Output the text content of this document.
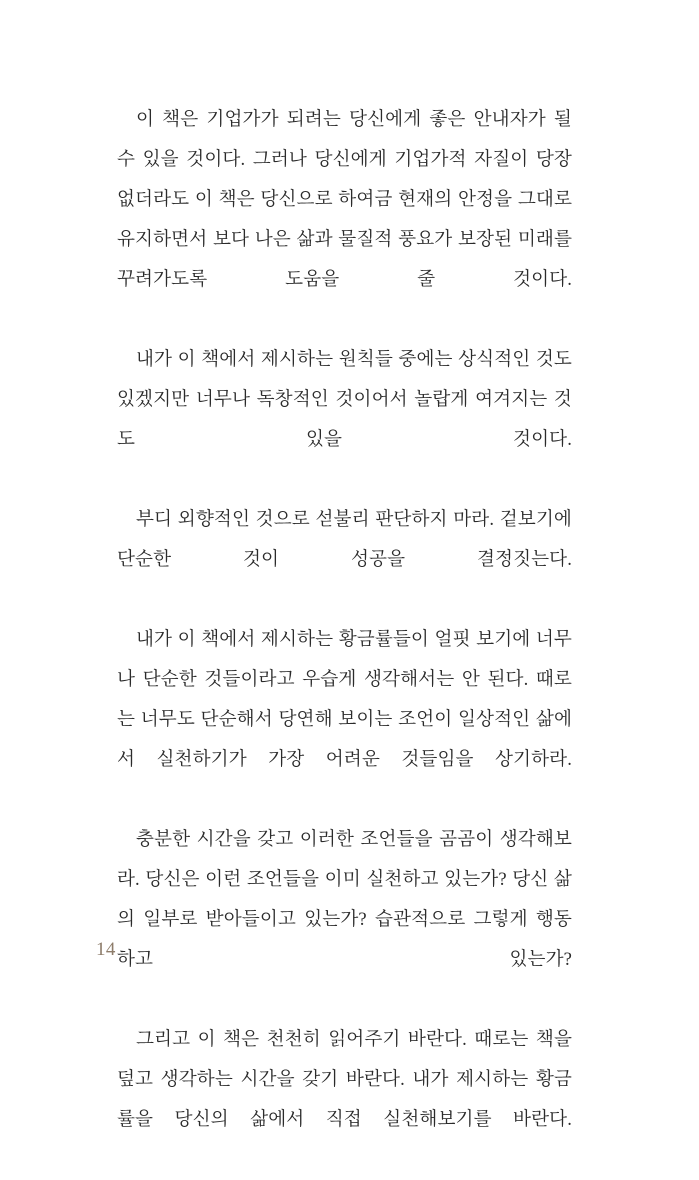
이 책은 기업가가 되려는 당신에게 좋은 안내자가 될 수 있을 것이다. 그러나 당신에게 기업가적 자질이 당장 없더라도 이 책은 당신으로 하여금 현재의 안정을 그대로 유지하면서 보다 나은 삶과 물질적 풍요가 보장된 미래를 꾸려가도록 도움을 줄 것이다.

내가 이 책에서 제시하는 원칙들 중에는 상식적인 것도 있겠지만 너무나 독창적인 것이어서 놀랍게 여겨지는 것도 있을 것이다.

부디 외향적인 것으로 섣불리 판단하지 마라. 겉보기에 단순한 것이 성공을 결정짓는다.

내가 이 책에서 제시하는 황금률들이 얼핏 보기에 너무나 단순한 것들이라고 우습게 생각해서는 안 된다. 때로는 너무도 단순해서 당연해 보이는 조언이 일상적인 삶에서 실천하기가 가장 어려운 것들임을 상기하라.

충분한 시간을 갖고 이러한 조언들을 곰곰이 생각해보라. 당신은 이런 조언들을 이미 실천하고 있는가? 당신 삶의 일부로 받아들이고 있는가? 습관적으로 그렇게 행동하고 있는가?

그리고 이 책은 천천히 읽어주기 바란다. 때로는 책을 덮고 생각하는 시간을 갖기 바란다. 내가 제시하는 황금률을 당신의 삶에서 직접 실천해보기를 바란다.

14
